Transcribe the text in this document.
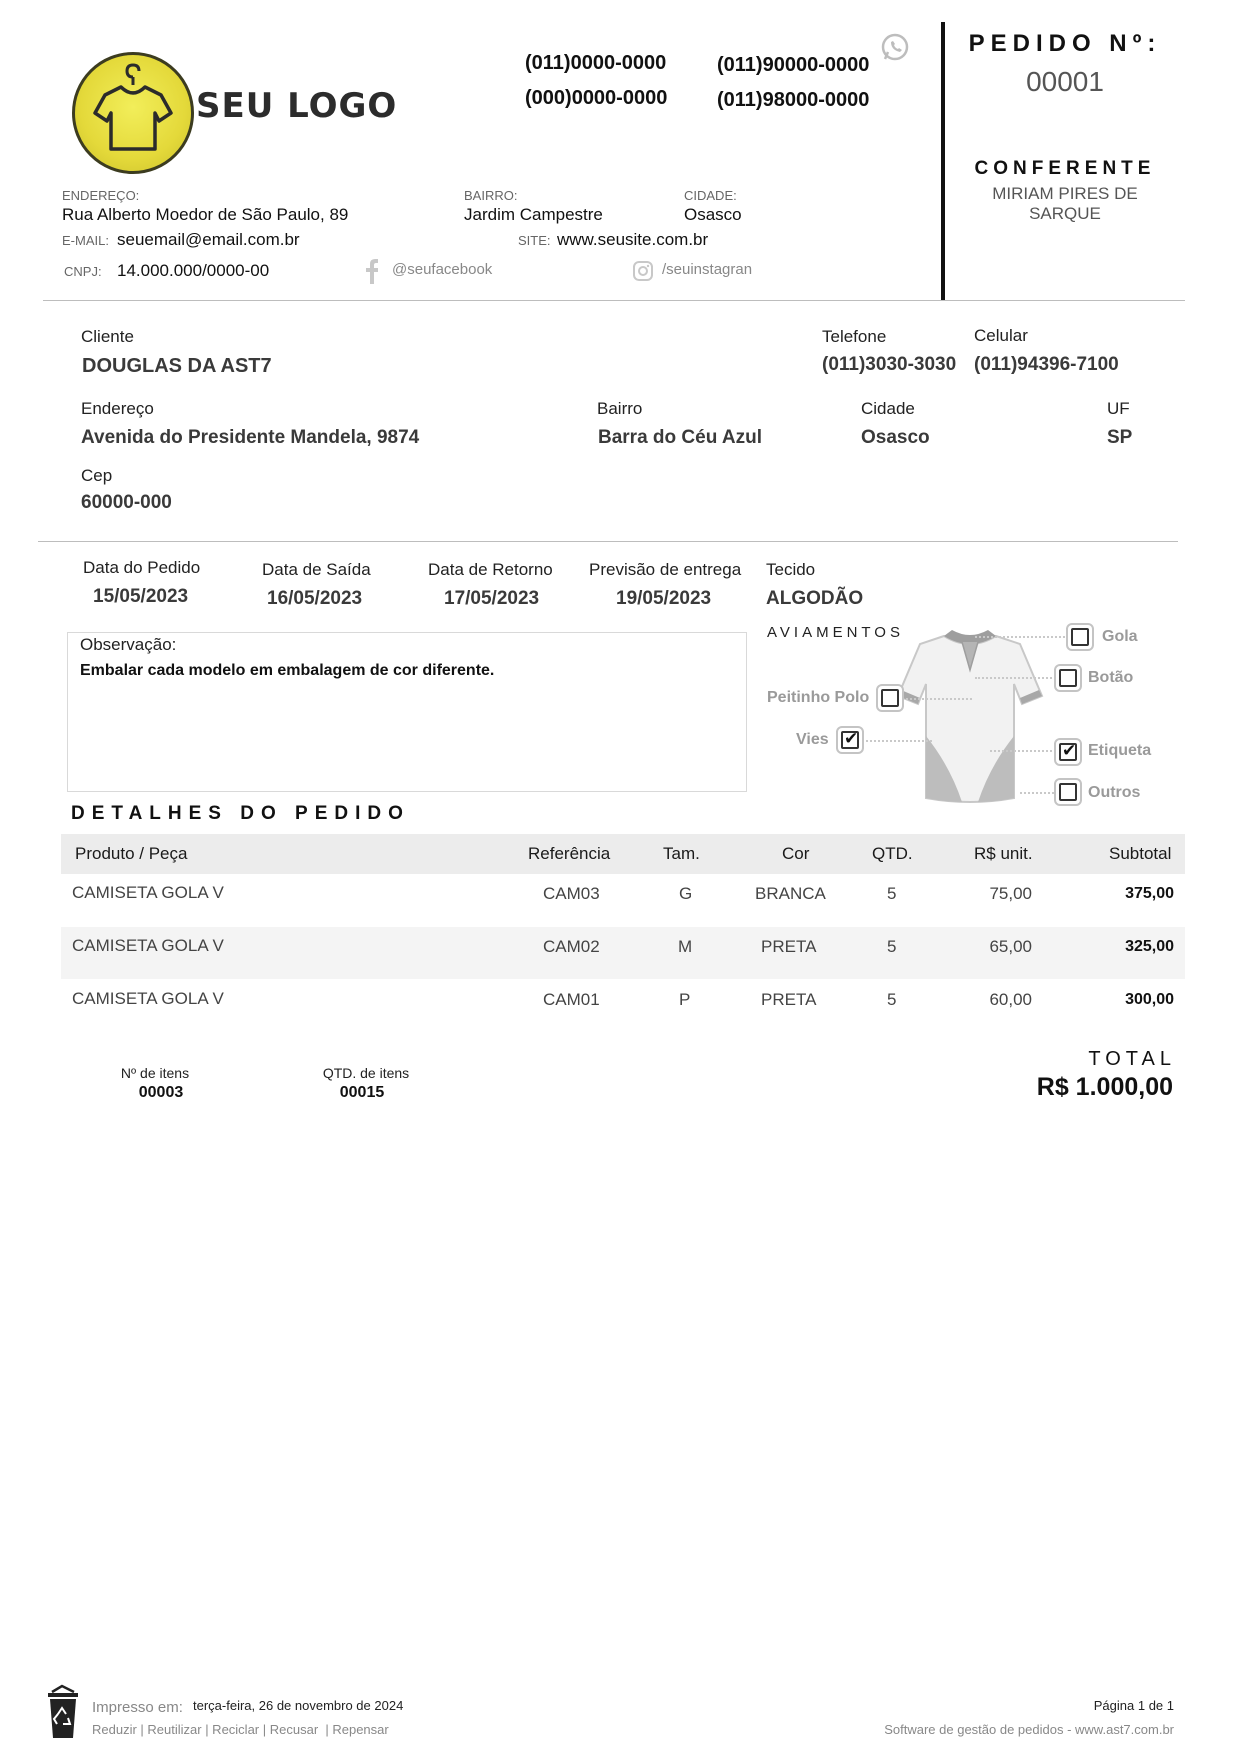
SEU LOGO
(011)0000-0000
(000)0000-0000
(011)90000-0000
(011)98000-0000
ENDEREÇO:
Rua Alberto Moedor de São Paulo, 89
BAIRRO:
Jardim Campestre
CIDADE:
Osasco
E-MAIL: seuemail@email.com.br	SITE: www.seusite.com.br
CNPJ: 14.000.000/0000-00	@seufacebook	/seuinstagran
PEDIDO Nº:
00001
CONFERENTE
MIRIAM PIRES DE SARQUE
Cliente
DOUGLAS DA AST7
Telefone
(011)3030-3030
Celular
(011)94396-7100
Endereço
Avenida do Presidente Mandela, 9874
Bairro
Barra do Céu Azul
Cidade
Osasco
UF
SP
Cep
60000-000
Data do Pedido
15/05/2023
Data de Saída
16/05/2023
Data de Retorno
17/05/2023
Previsão de entrega
19/05/2023
Tecido
ALGODÃO
Observação:
Embalar cada modelo em embalagem de cor diferente.
AVIAMENTOS	Gola
Botão
Peitinho Polo
✔
Vies
✔ Etiqueta
Outros
DETALHES DO PEDIDO
Produto / Peça	Referência	Tam.	Cor	QTD.	R$ unit.	Subtotal
CAMISETA GOLA V	CAM03	G	BRANCA	5	75,00	375,00
CAMISETA GOLA V	CAM02	M	PRETA	5	65,00	325,00
CAMISETA GOLA V	CAM01	P	PRETA	5	60,00	300,00
Nº de itens
00003
QTD. de itens
00015
TOTAL
R$ 1.000,00
Impresso em: terça-feira, 26 de novembro de 2024
Reduzir | Reutilizar | Reciclar | Recusar  | Repensar
Página 1 de 1
Software de gestão de pedidos - www.ast7.com.br
